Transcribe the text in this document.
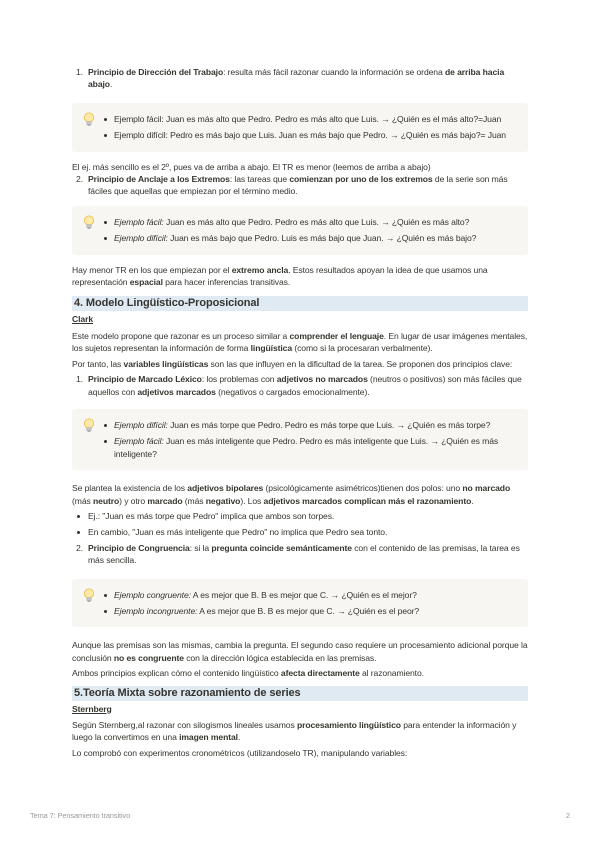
1. Principio de Dirección del Trabajo: resulta más fácil razonar cuando la información se ordena de arriba hacia abajo.
Ejemplo fácil: Juan es más alto que Pedro. Pedro es más alto que Luis. → ¿Quién es el más alto?=Juan
Ejemplo difícil: Pedro es más bajo que Luis. Juan es más bajo que Pedro. → ¿Quién es más bajo?= Juan

El ej. más sencillo es el 2º, pues va de arriba a abajo. El TR es menor (leemos de arriba a abajo)

2. Principio de Anclaje a los Extremos: las tareas que comienzan por uno de los extremos de la serie son más fáciles que aquellas que empiezan por el término medio.
Ejemplo fácil: Juan es más alto que Pedro. Pedro es más alto que Luis. → ¿Quién es más alto?
Ejemplo difícil: Juan es más bajo que Pedro. Luis es más bajo que Juan. → ¿Quién es más bajo?

Hay menor TR en los que empiezan por el extremo ancla. Estos resultados apoyan la idea de que usamos una representación espacial para hacer inferencias transitivas.

4. Modelo Lingüístico-Proposicional
Clark

Este modelo propone que razonar es un proceso similar a comprender el lenguaje. En lugar de usar imágenes mentales, los sujetos representan la información de forma lingüística (como si la procesaran verbalmente).

Por tanto, las variables lingüísticas son las que influyen en la dificultad de la tarea. Se proponen dos principios clave:

1. Principio de Marcado Léxico: los problemas con adjetivos no marcados (neutros o positivos) son más fáciles que aquellos con adjetivos marcados (negativos o cargados emocionalmente).
Ejemplo difícil: Juan es más torpe que Pedro. Pedro es más torpe que Luis. → ¿Quién es más torpe?
Ejemplo fácil: Juan es más inteligente que Pedro. Pedro es más inteligente que Luis. → ¿Quién es más inteligente?

Se plantea la existencia de los adjetivos bipolares (psicológicamente asimétricos)tienen dos polos: uno no marcado (más neutro) y otro marcado (más negativo). Los adjetivos marcados complican más el razonamiento.

Ej.: "Juan es más torpe que Pedro" implica que ambos son torpes.
En cambio, "Juan es más inteligente que Pedro" no implica que Pedro sea tonto.
2. Principio de Congruencia: si la pregunta coincide semánticamente con el contenido de las premisas, la tarea es más sencilla.
Ejemplo congruente: A es mejor que B. B es mejor que C. → ¿Quién es el mejor?
Ejemplo incongruente: A es mejor que B. B es mejor que C. → ¿Quién es el peor?

Aunque las premisas son las mismas, cambia la pregunta. El segundo caso requiere un procesamiento adicional porque la conclusión no es congruente con la dirección lógica establecida en las premisas.

Ambos principios explican cómo el contenido lingüístico afecta directamente al razonamiento.

5.Teoría Mixta sobre razonamiento de series
Sternberg

Según Sternberg,al razonar con silogismos lineales usamos procesamiento lingüístico para entender la información y luego la convertimos en una imagen mental.

Lo comprobó con experimentos cronométricos (utilizandoselo TR), manipulando variables:

Tema 7: Pensamiento transitivo	2
